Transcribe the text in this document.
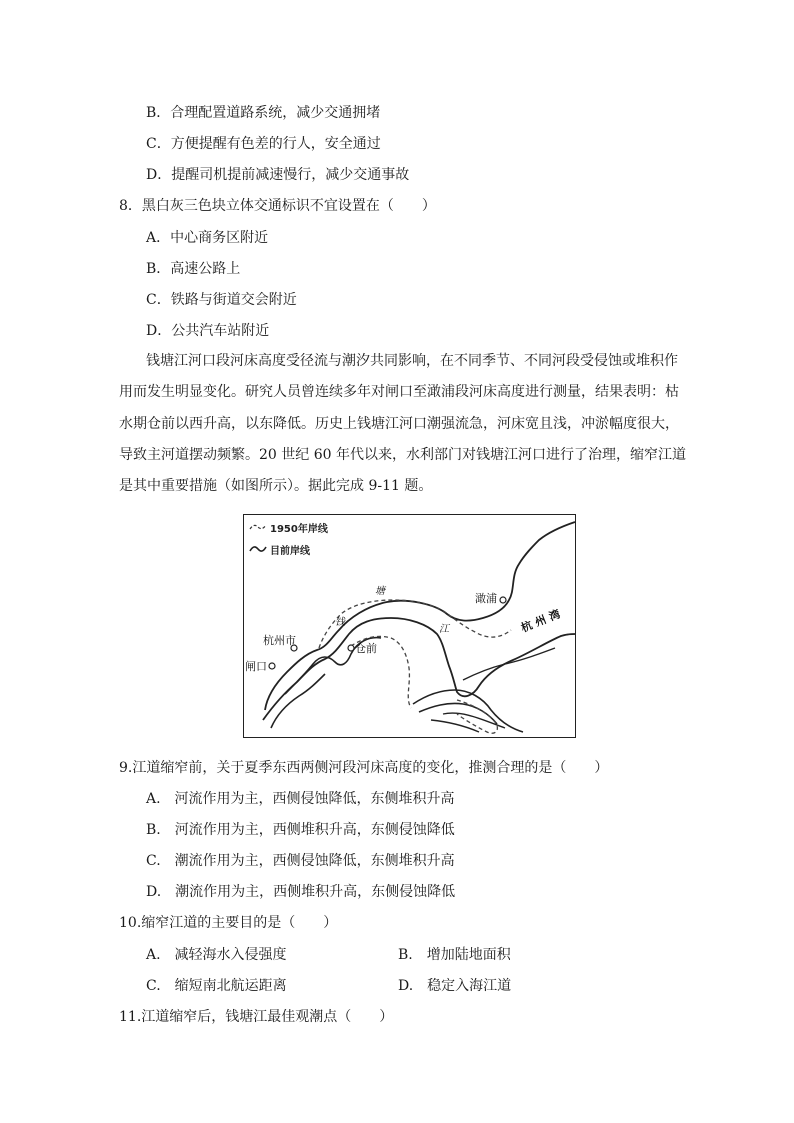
B．合理配置道路系统，减少交通拥堵
C．方便提醒有色差的行人，安全通过
D．提醒司机提前减速慢行，减少交通事故
8．黑白灰三色块立体交通标识不宜设置在（　　）
A．中心商务区附近
B．高速公路上
C．铁路与街道交会附近
D．公共汽车站附近
钱塘江河口段河床高度受径流与潮汐共同影响，在不同季节、不同河段受侵蚀或堆积作
用而发生明显变化。研究人员曾连续多年对闸口至澉浦段河床高度进行测量，结果表明：枯
水期仓前以西升高，以东降低。历史上钱塘江河口潮强流急，河床宽且浅，冲淤幅度很大，
导致主河道摆动频繁。20 世纪 60 年代以来，水利部门对钱塘江河口进行了治理，缩窄江道
是其中重要措施（如图所示）。据此完成 9-11 题。
1950年岸线
目前岸线
杭州市
闸口
仓前
澉浦
钱
塘
江	杭
州
湾
9.江道缩窄前，关于夏季东西两侧河段河床高度的变化，推测合理的是（　　）
A.　河流作用为主，西侧侵蚀降低，东侧堆积升高
B.　河流作用为主，西侧堆积升高，东侧侵蚀降低
C.　潮流作用为主，西侧侵蚀降低，东侧堆积升高
D.　潮流作用为主，西侧堆积升高，东侧侵蚀降低
10.缩窄江道的主要目的是（　　）
A.　减轻海水入侵强度	B.　增加陆地面积
C.　缩短南北航运距离	D.　稳定入海江道
11.江道缩窄后，钱塘江最佳观潮点（　　）
